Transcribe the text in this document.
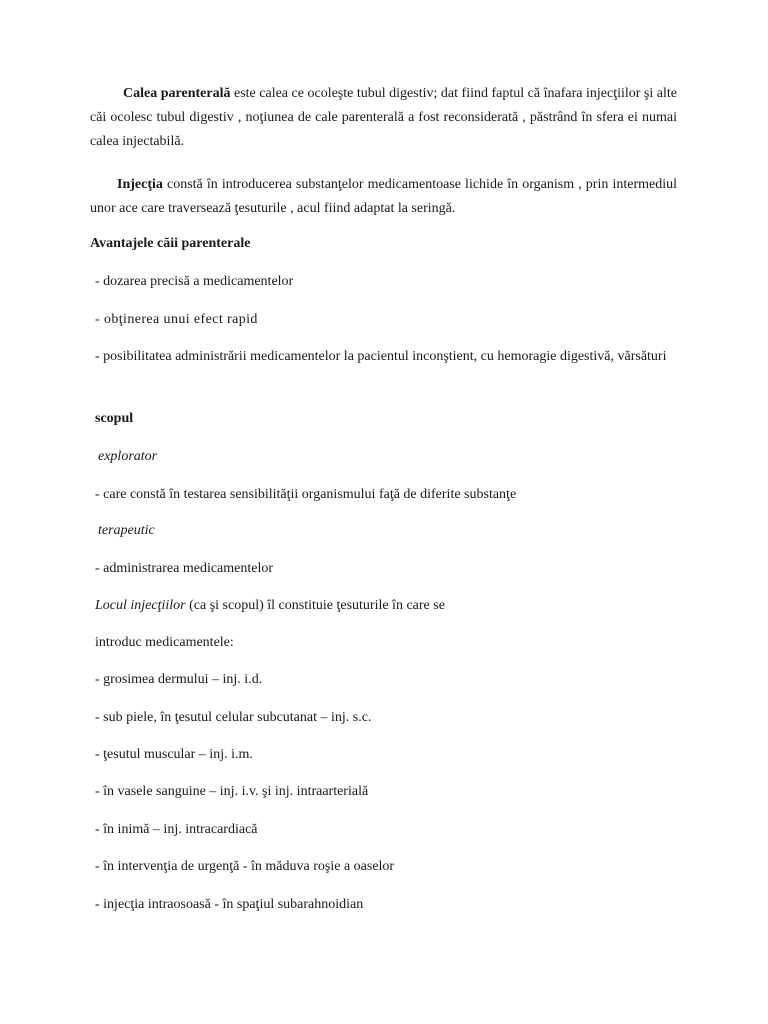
Calea parenterală este calea ce ocoleşte tubul digestiv; dat fiind faptul că înafara injecţiilor şi alte căi ocolesc tubul digestiv , noţiunea de cale parenterală a fost reconsiderată , păstrând în sfera ei numai calea injectabilă.

Injecţia constă în introducerea substanţelor medicamentoase lichide în organism , prin intermediul unor ace care traversează ţesuturile , acul fiind adaptat la seringă.

Avantajele căii parenterale

- dozarea precisă a medicamentelor

- obţinerea unui efect rapid

- posibilitatea administrării medicamentelor la pacientul inconştient, cu hemoragie digestivă, vărsături

scopul

explorator

- care constă în testarea sensibilităţii organismului faţă de diferite substanţe

terapeutic

- administrarea medicamentelor

Locul injecţiilor (ca şi scopul) îl constituie ţesuturile în care se

introduc medicamentele:

- grosimea dermului – inj. i.d.

- sub piele, în ţesutul celular subcutanat – inj. s.c.

- ţesutul muscular – inj. i.m.

- în vasele sanguine – inj. i.v. şi inj. intraarterială

- în inimă – inj. intracardiacă

- în intervenţia de urgenţă - în măduva roşie a oaselor

- injecţia intraosoasă - în spaţiul subarahnoidian
